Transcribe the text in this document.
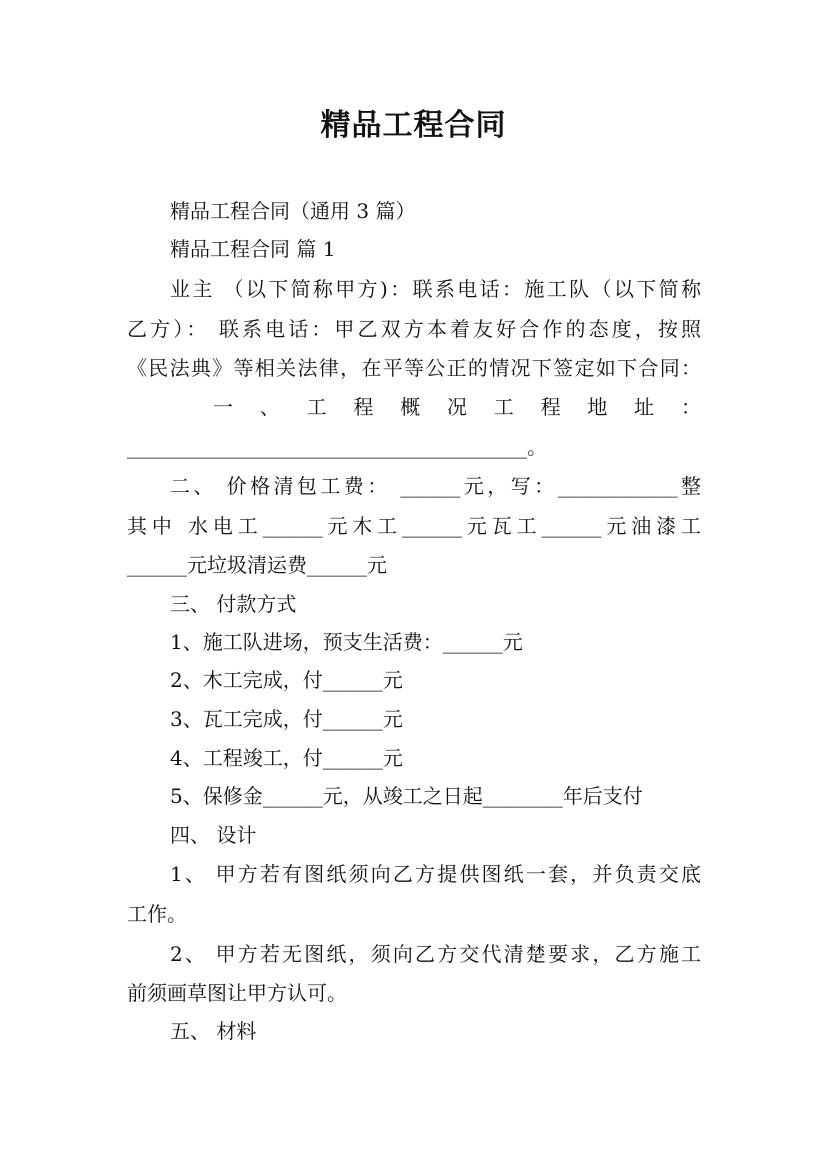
精品工程合同
精品工程合同（通用 3 篇）
精品工程合同 篇 1
业主 （以下简称甲方)：联系电话：施工队（以下简称
乙方）： 联系电话：甲乙双方本着友好合作的态度，按照
《民法典》等相关法律，在平等公正的情况下签定如下合同：
一 、 工 程 概 况 工 程 地 址 ：
________________________________________。
二、 价格清包工费： ______元，写：____________整
其中 水电工______元木工______元瓦工______元油漆工
______元垃圾清运费______元
三、 付款方式
1、施工队进场，预支生活费：______元
2、木工完成，付______元
3、瓦工完成，付______元
4、工程竣工，付______元
5、保修金______元，从竣工之日起________年后支付
四、 设计
1、 甲方若有图纸须向乙方提供图纸一套，并负责交底
工作。
2、 甲方若无图纸，须向乙方交代清楚要求，乙方施工
前须画草图让甲方认可。
五、 材料
